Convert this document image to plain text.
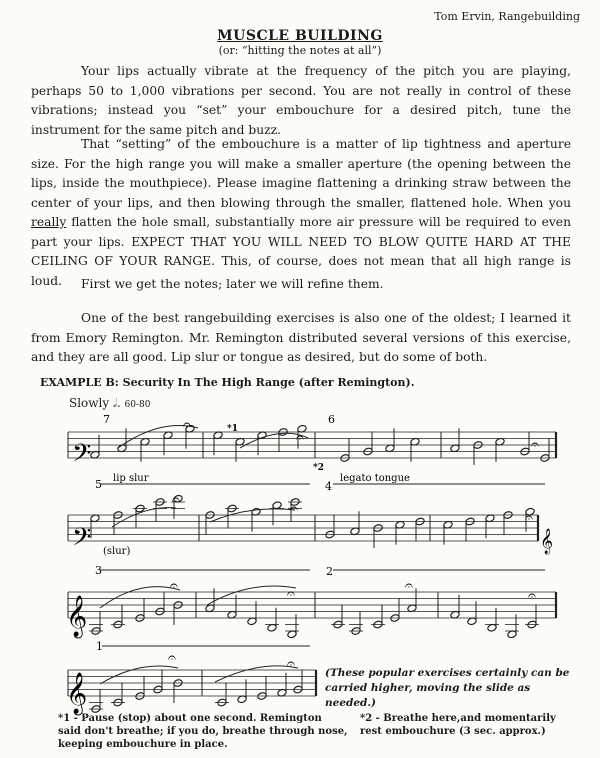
Tom Ervin, Rangebuilding
MUSCLE BUILDING
(or: “hitting the notes at all”)
Your lips actually vibrate at the frequency of the pitch you are playing, perhaps 50 to 1,000 vibrations per second. You are not really in control of these vibrations; instead you “set” your embouchure for a desired pitch, tune the instrument for the same pitch and buzz.
That “setting” of the embouchure is a matter of lip tightness and aperture size. For the high range you will make a smaller aperture (the opening between the lips, inside the mouthpiece). Please imagine flattening a drinking straw between the center of your lips, and then blowing through the smaller, flattened hole. When you really flatten the hole small, substantially more air pressure will be required to even part your lips. EXPECT THAT YOU WILL NEED TO BLOW QUITE HARD AT THE CEILING OF YOUR RANGE. This, of course, does not mean that all high range is loud.	First we get the notes; later we will refine them.
One of the best rangebuilding exercises is also one of the oldest; I learned it from Emory Remington. Mr. Remington distributed several versions of this exercise, and they are all good. Lip slur or tongue as desired, but do some of both.
EXAMPLE B: Security In The High Range (after Remington).
Slowly 𝅗𝅥. 60-80
𝄢
𝄢
𝄞
𝄞
𝄞
7	6
5	4
3	2
1
*1
*2
lip slur	legato tongue
(slur)
𝄐
𝄐	𝄐
𝄐
𝄐
𝄐
𝄐	𝄐	𝄐
𝄐
𝄐	𝄐
(These popular exercises certainly can be carried higher, moving the slide as needed.)
*1 - Pause (stop) about one second. Remington said don't breathe; if you do, breathe through nose, keeping embouchure in place.
*2 - Breathe here,and momentarily rest embouchure (3 sec. approx.)
